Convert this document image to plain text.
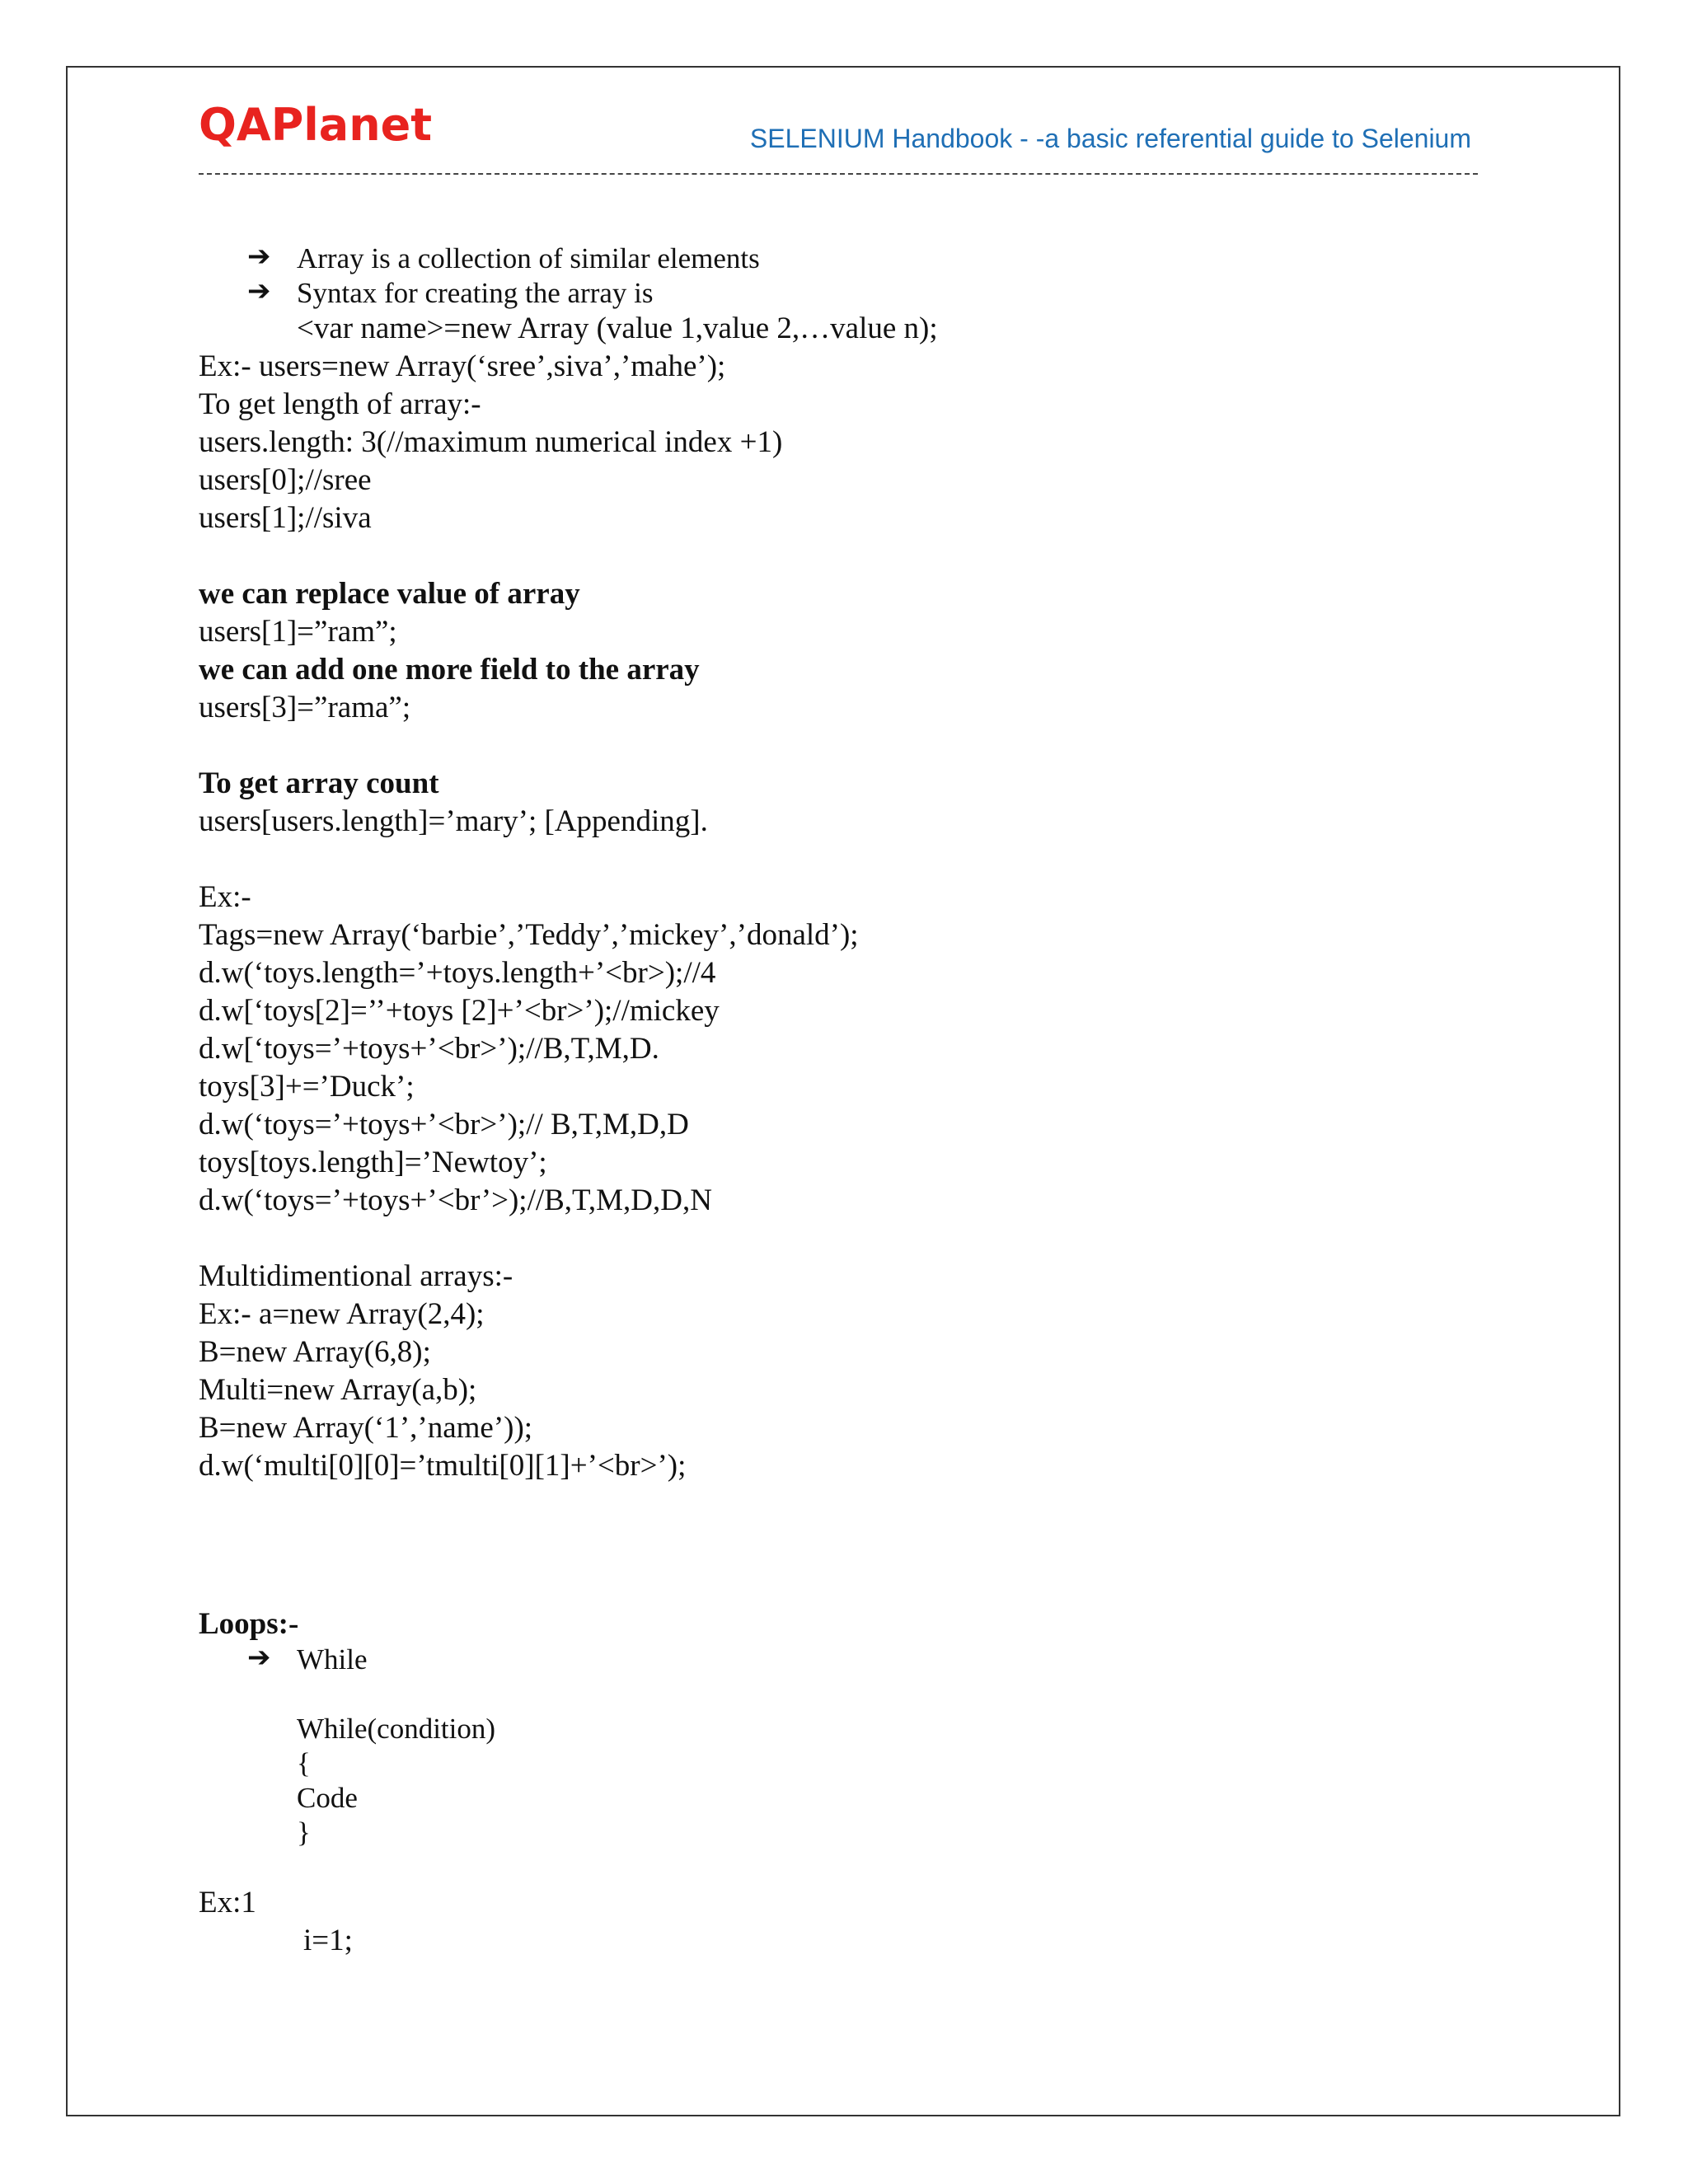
QAPlanet	SELENIUM Handbook - -a basic referential guide to Selenium
➔ Array is a collection of similar elements
➔ Syntax for creating the array is
<var name>=new Array (value 1,value 2,…value n);
Ex:- users=new Array(‘sree’,siva’,’mahe’);
To get length of array:-
users.length: 3(//maximum numerical index +1)
users[0];//sree
users[1];//siva
we can replace value of array
users[1]=”ram”;
we can add one more field to the array
users[3]=”rama”;
To get array count
users[users.length]=’mary’; [Appending].
Ex:-
Tags=new Array(‘barbie’,’Teddy’,’mickey’,’donald’);
d.w(‘toys.length=’+toys.length+’<br>);//4
d.w[‘toys[2]=’’+toys [2]+’<br>’);//mickey
d.w[‘toys=’+toys+’<br>’);//B,T,M,D.
toys[3]+=’Duck’;
d.w(‘toys=’+toys+’<br>’);// B,T,M,D,D
toys[toys.length]=’Newtoy’;
d.w(‘toys=’+toys+’<br’>);//B,T,M,D,D,N
Multidimentional arrays:-
Ex:- a=new Array(2,4);
B=new Array(6,8);
Multi=new Array(a,b);
B=new Array(‘1’,’name’));
d.w(‘multi[0][0]=’tmulti[0][1]+’<br>’);
Loops:-
➔ While
While(condition)
{
Code
}
Ex:1
i=1;
